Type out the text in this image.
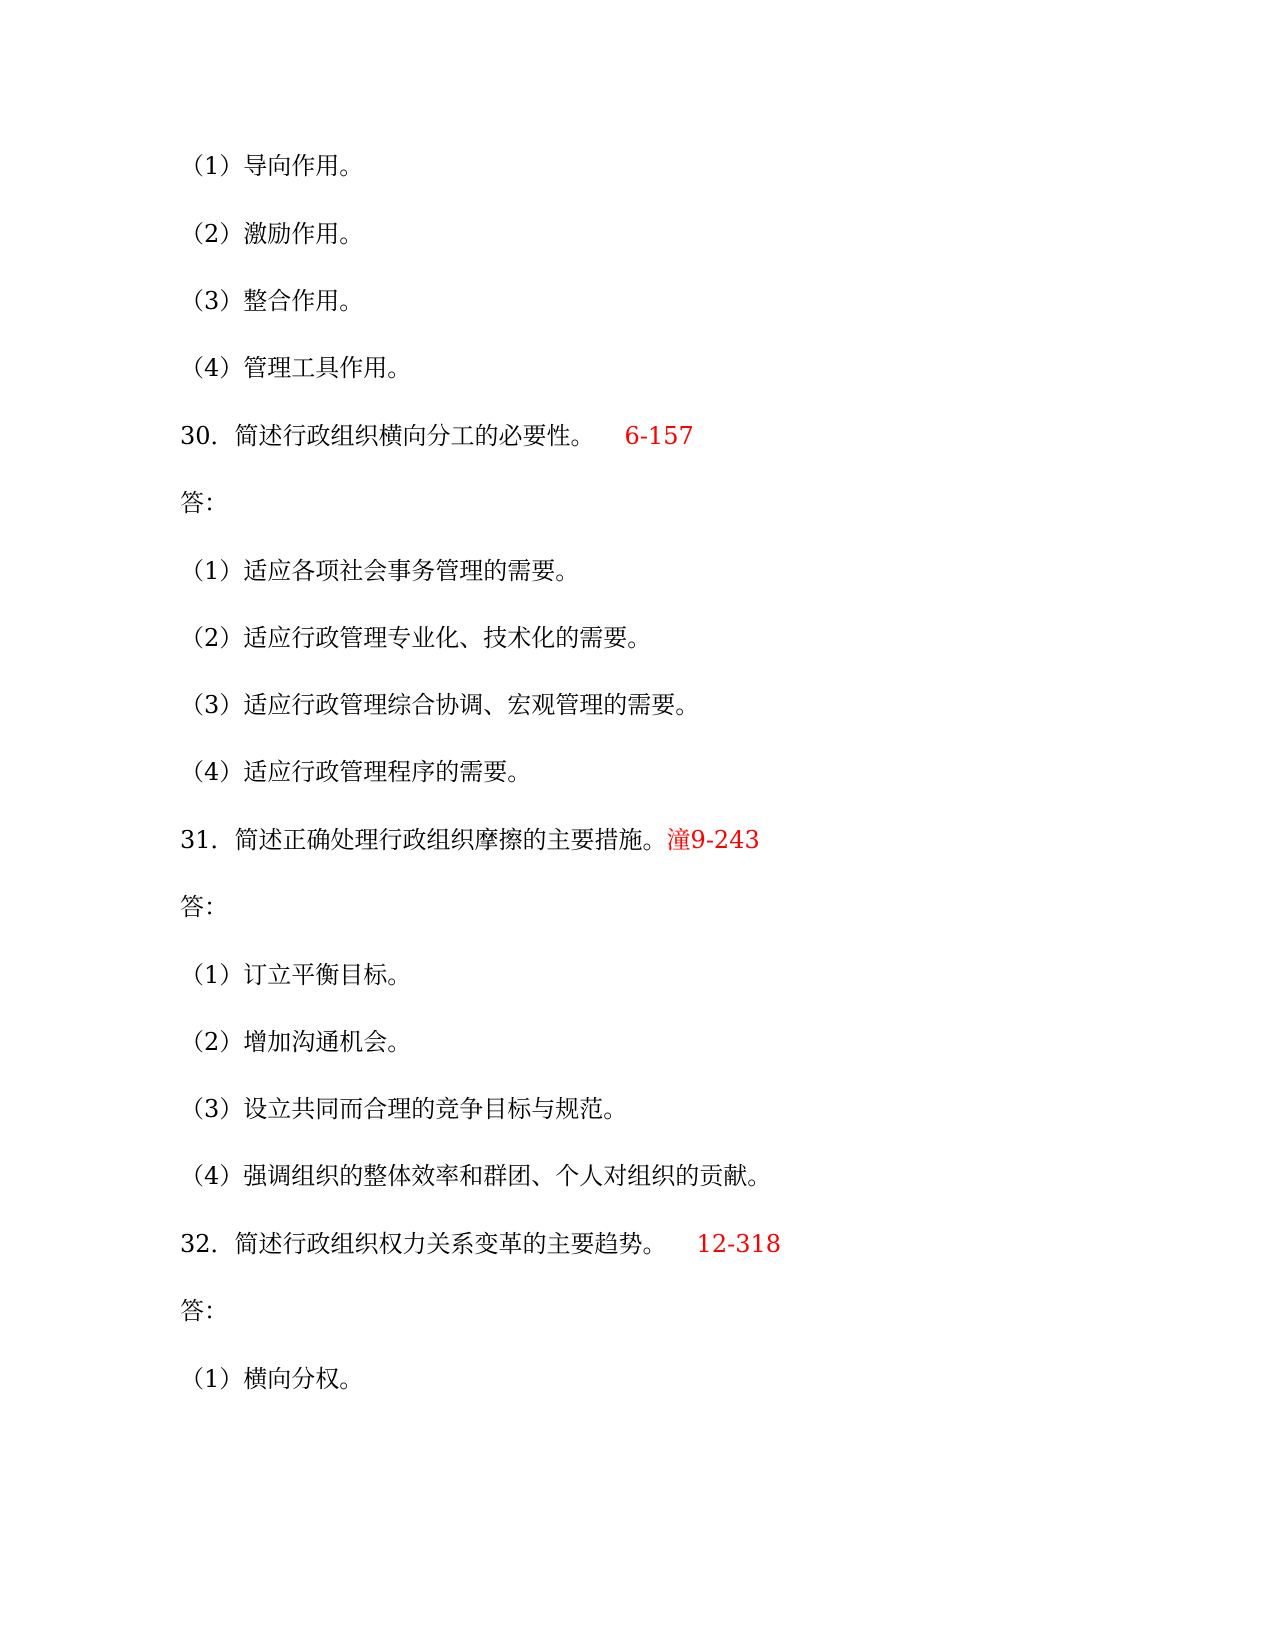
（1）导向作用。
（2）激励作用。
（3）整合作用。
（4）管理工具作用。
30．简述行政组织横向分工的必要性。 6-157
答：
（1）适应各项社会事务管理的需要。
（2）适应行政管理专业化、技术化的需要。
（3）适应行政管理综合协调、宏观管理的需要。
（4）适应行政管理程序的需要。
31．简述正确处理行政组织摩擦的主要措施。潼9-243
答：
（1）订立平衡目标。
（2）增加沟通机会。
（3）设立共同而合理的竞争目标与规范。
（4）强调组织的整体效率和群团、个人对组织的贡献。
32．简述行政组织权力关系变革的主要趋势。 12-318
答：
（1）横向分权。
